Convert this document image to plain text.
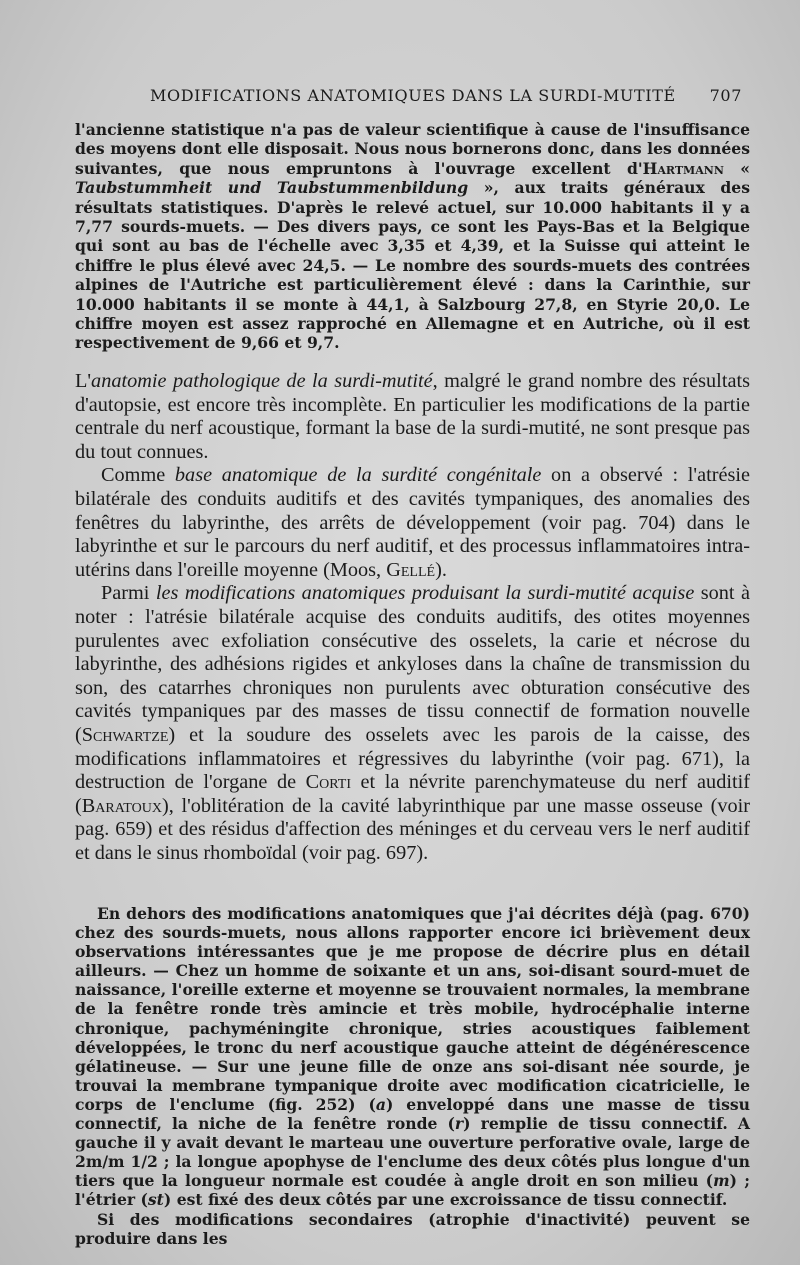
MODIFICATIONS ANATOMIQUES DANS LA SURDI-MUTITÉ 707

l'ancienne statistique n'a pas de valeur scientifique à cause de l'insuffisance des moyens dont elle disposait. Nous nous bornerons donc, dans les données suivantes, que nous empruntons à l'ouvrage excellent d'Hartmann « Taubstummheit und Taubstummenbildung », aux traits généraux des résultats statistiques. D'après le relevé actuel, sur 10.000 habitants il y a 7,77 sourds-muets. — Des divers pays, ce sont les Pays-Bas et la Belgique qui sont au bas de l'échelle avec 3,35 et 4,39, et la Suisse qui atteint le chiffre le plus élevé avec 24,5. — Le nombre des sourds-muets des contrées alpines de l'Autriche est particulièrement élevé : dans la Carinthie, sur 10.000 habitants il se monte à 44,1, à Salzbourg 27,8, en Styrie 20,0. Le chiffre moyen est assez rapproché en Allemagne et en Autriche, où il est respectivement de 9,66 et 9,7.

L'anatomie pathologique de la surdi-mutité, malgré le grand nombre des résultats d'autopsie, est encore très incomplète. En particulier les modifications de la partie centrale du nerf acoustique, formant la base de la surdi-mutité, ne sont presque pas du tout connues.

Comme base anatomique de la surdité congénitale on a observé : l'atrésie bilatérale des conduits auditifs et des cavités tympaniques, des anomalies des fenêtres du labyrinthe, des arrêts de développement (voir pag. 704) dans le labyrinthe et sur le parcours du nerf auditif, et des processus inflammatoires intra-utérins dans l'oreille moyenne (Moos, Gellé).

Parmi les modifications anatomiques produisant la surdi-mutité acquise sont à noter : l'atrésie bilatérale acquise des conduits auditifs, des otites moyennes purulentes avec exfoliation consécutive des osselets, la carie et nécrose du labyrinthe, des adhésions rigides et ankyloses dans la chaîne de transmission du son, des catarrhes chroniques non purulents avec obturation consécutive des cavités tympaniques par des masses de tissu connectif de formation nouvelle (Schwartze) et la soudure des osselets avec les parois de la caisse, des modifications inflammatoires et régressives du labyrinthe (voir pag. 671), la destruction de l'organe de Corti et la névrite parenchymateuse du nerf auditif (Baratoux), l'oblitération de la cavité labyrinthique par une masse osseuse (voir pag. 659) et des résidus d'affection des méninges et du cerveau vers le nerf auditif et dans le sinus rhomboïdal (voir pag. 697).

En dehors des modifications anatomiques que j'ai décrites déjà (pag. 670) chez des sourds-muets, nous allons rapporter encore ici brièvement deux observations intéressantes que je me propose de décrire plus en détail ailleurs. — Chez un homme de soixante et un ans, soi-disant sourd-muet de naissance, l'oreille externe et moyenne se trouvaient normales, la membrane de la fenêtre ronde très amincie et très mobile, hydrocéphalie interne chronique, pachyméningite chronique, stries acoustiques faiblement développées, le tronc du nerf acoustique gauche atteint de dégénérescence gélatineuse. — Sur une jeune fille de onze ans soi-disant née sourde, je trouvai la membrane tympanique droite avec modification cicatricielle, le corps de l'enclume (fig. 252) (a) enveloppé dans une masse de tissu connectif, la niche de la fenêtre ronde (r) remplie de tissu connectif. A gauche il y avait devant le marteau une ouverture perforative ovale, large de 2m/m 1/2 ; la longue apophyse de l'enclume des deux côtés plus longue d'un tiers que la longueur normale est coudée à angle droit en son milieu (m) ; l'étrier (st) est fixé des deux côtés par une excroissance de tissu connectif.

Si des modifications secondaires (atrophie d'inactivité) peuvent se produire dans les
